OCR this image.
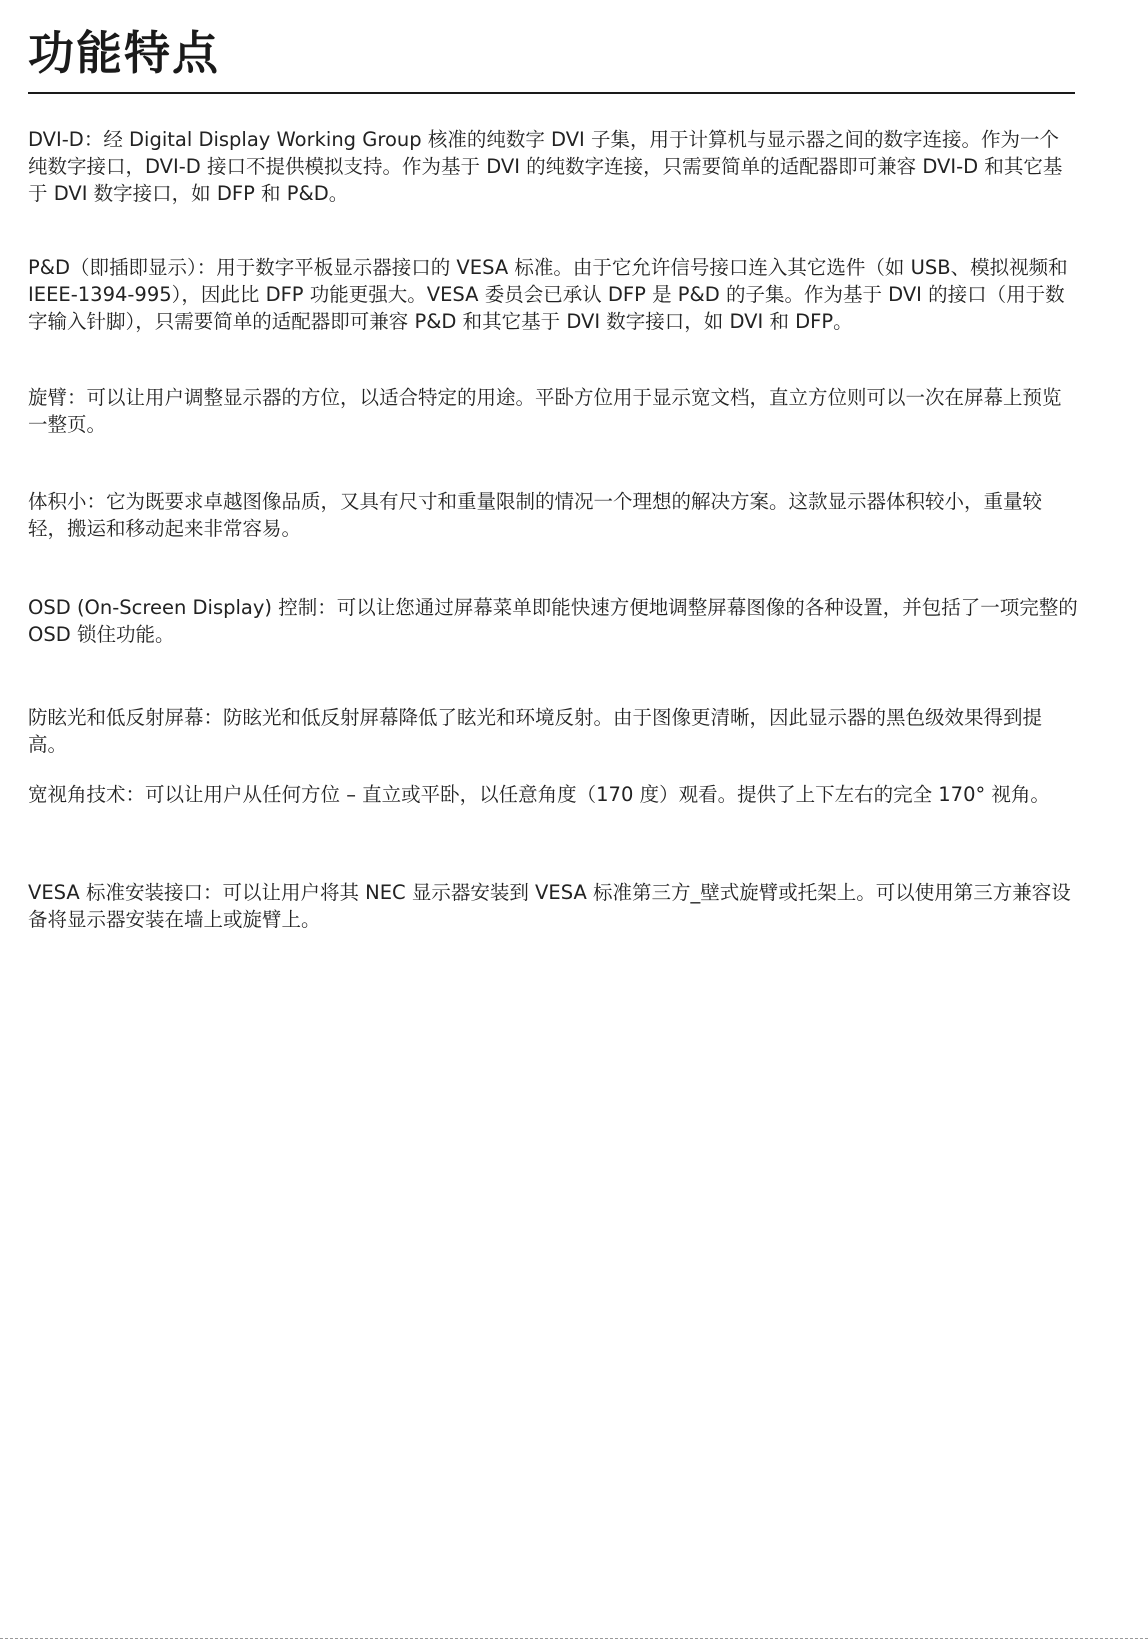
功能特点

DVI-D：经 Digital Display Working Group 核准的纯数字 DVI 子集，用于计算机与显示器之间的数字连接。作为一个纯数字接口，DVI-D 接口不提供模拟支持。作为基于 DVI 的纯数字连接，只需要简单的适配器即可兼容 DVI-D 和其它基于 DVI 数字接口，如 DFP 和 P&D。

P&D（即插即显示）：用于数字平板显示器接口的 VESA 标准。由于它允许信号接口连入其它选件（如 USB、模拟视频和 IEEE-1394-995），因此比 DFP 功能更强大。VESA 委员会已承认 DFP 是 P&D 的子集。作为基于 DVI 的接口（用于数字输入针脚），只需要简单的适配器即可兼容 P&D 和其它基于 DVI 数字接口，如 DVI 和 DFP。

旋臂：可以让用户调整显示器的方位，以适合特定的用途。平卧方位用于显示宽文档，直立方位则可以一次在屏幕上预览一整页。

体积小：它为既要求卓越图像品质，又具有尺寸和重量限制的情况一个理想的解决方案。这款显示器体积较小，重量较轻，搬运和移动起来非常容易。

OSD (On-Screen Display) 控制：可以让您通过屏幕菜单即能快速方便地调整屏幕图像的各种设置，并包括了一项完整的 OSD 锁住功能。

防眩光和低反射屏幕：防眩光和低反射屏幕降低了眩光和环境反射。由于图像更清晰，因此显示器的黑色级效果得到提高。

宽视角技术：可以让用户从任何方位 – 直立或平卧，以任意角度（170 度）观看。提供了上下左右的完全 170° 视角。

VESA 标准安装接口：可以让用户将其 NEC 显示器安装到 VESA 标准第三方_壁式旋臂或托架上。可以使用第三方兼容设备将显示器安装在墙上或旋臂上。
